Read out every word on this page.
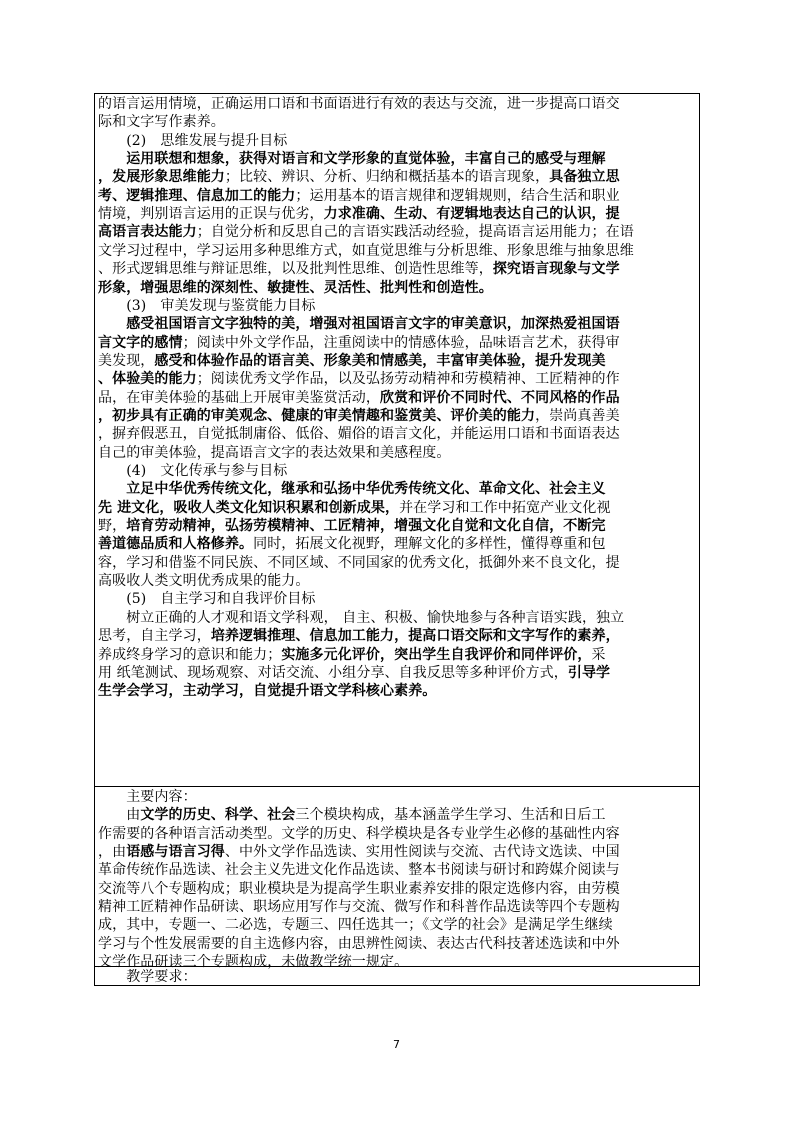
的语言运用情境，正确运用口语和书面语进行有效的表达与交流，进一步提高口语交
际和文字写作素养。
　　(2)　思维发展与提升目标
　　运用联想和想象，获得对语言和文学形象的直觉体验，丰富自己的感受与理解
，发展形象思维能力；比较、辨识、分析、归纳和概括基本的语言现象，具备独立思
考、逻辑推理、信息加工的能力；运用基本的语言规律和逻辑规则，结合生活和职业
情境，判别语言运用的正误与优劣，力求准确、生动、有逻辑地表达自己的认识，提
高语言表达能力；自觉分析和反思自己的言语实践活动经验，提高语言运用能力；在语
文学习过程中，学习运用多种思维方式，如直觉思维与分析思维、形象思维与抽象思维
、形式逻辑思维与辩证思维，以及批判性思维、创造性思维等，探究语言现象与文学
形象，增强思维的深刻性、敏捷性、灵活性、批判性和创造性。
　　(3)　审美发现与鉴赏能力目标
　　感受祖国语言文字独特的美，增强对祖国语言文字的审美意识，加深热爱祖国语
言文字的感情；阅读中外文学作品，注重阅读中的情感体验，品味语言艺术，获得审
美发现，感受和体验作品的语言美、形象美和情感美，丰富审美体验，提升发现美
、体验美的能力；阅读优秀文学作品，以及弘扬劳动精神和劳模精神、工匠精神的作
品，在审美体验的基础上开展审美鉴赏活动，欣赏和评价不同时代、不同风格的作品
，初步具有正确的审美观念、健康的审美情趣和鉴赏美、评价美的能力，崇尚真善美
，摒弃假恶丑，自觉抵制庸俗、低俗、媚俗的语言文化，并能运用口语和书面语表达
自己的审美体验，提高语言文字的表达效果和美感程度。
　　(4)　文化传承与参与目标
　　立足中华优秀传统文化，继承和弘扬中华优秀传统文化、革命文化、社会主义
先 进文化，吸收人类文化知识积累和创新成果，并在学习和工作中拓宽产业文化视
野，培育劳动精神，弘扬劳模精神、工匠精神，增强文化自觉和文化自信，不断完
善道德品质和人格修养。同时，拓展文化视野，理解文化的多样性，懂得尊重和包
容，学习和借鉴不同民族、不同区域、不同国家的优秀文化，抵御外来不良文化，提
高吸收人类文明优秀成果的能力。
　　(5)　自主学习和自我评价目标
　　树立正确的人才观和语文学科观， 自主、积极、愉快地参与各种言语实践，独立
思考，自主学习，培养逻辑推理、信息加工能力，提高口语交际和文字写作的素养，
养成终身学习的意识和能力；实施多元化评价，突出学生自我评价和同伴评价，采
用 纸笔测试、现场观察、对话交流、小组分享、自我反思等多种评价方式，引导学
生学会学习，主动学习，自觉提升语文学科核心素养。
　　主要内容：
　　由文学的历史、科学、社会三个模块构成，基本涵盖学生学习、生活和日后工
作需要的各种语言活动类型。文学的历史、科学模块是各专业学生必修的基础性内容
，由语感与语言习得、中外文学作品选读、实用性阅读与交流、古代诗文选读、中国
革命传统作品选读、社会主义先进文化作品选读、整本书阅读与研讨和跨媒介阅读与
交流等八个专题构成；职业模块是为提高学生职业素养安排的限定选修内容，由劳模
精神工匠精神作品研读、职场应用写作与交流、微写作和科普作品选读等四个专题构
成，其中，专题一、二必选，专题三、四任选其一；《文学的社会》是满足学生继续
学习与个性发展需要的自主选修内容，由思辨性阅读、表达古代科技著述选读和中外
文学作品研读三个专题构成，未做教学统一规定。
　　教学要求：
7
